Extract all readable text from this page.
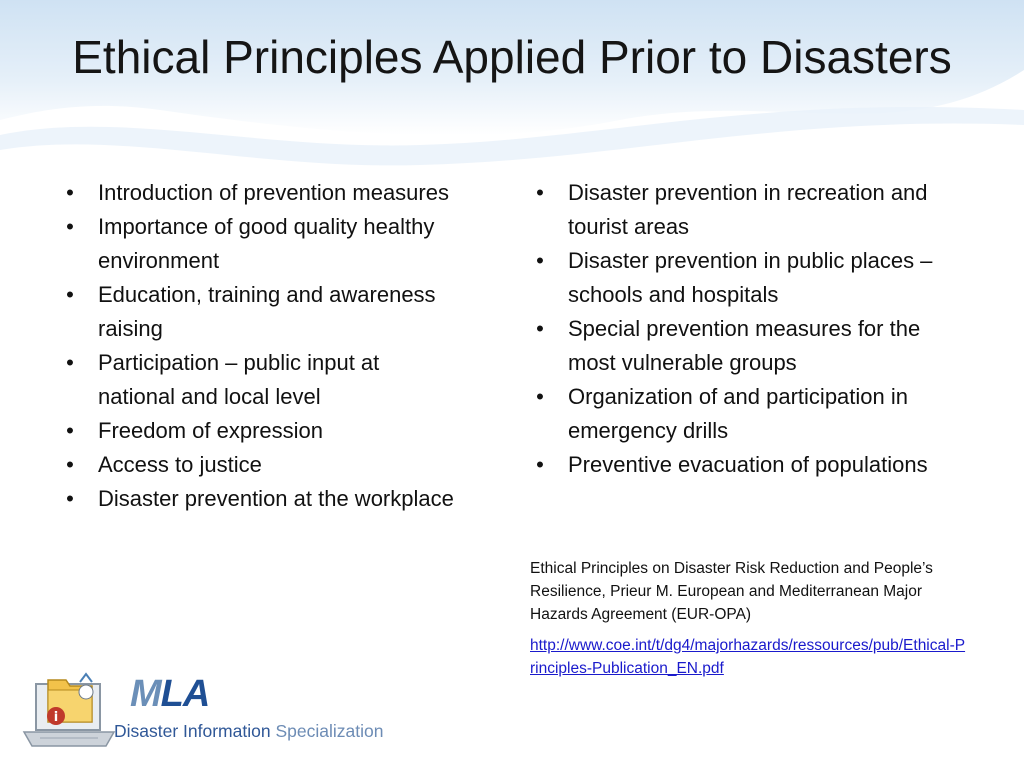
Ethical Principles Applied Prior to Disasters
• Introduction of prevention measures
• Importance of good quality healthy environment
• Education, training and awareness raising
• Participation – public input at national and local level
• Freedom of expression
• Access to justice
• Disaster prevention at the workplace
• Disaster prevention in recreation and tourist areas
• Disaster prevention in public places – schools and hospitals
• Special prevention measures for the most vulnerable groups
• Organization of and participation in emergency drills
• Preventive evacuation of populations

Ethical Principles on Disaster Risk Reduction and People’s Resilience, Prieur M. European and Mediterranean Major Hazards Agreement (EUR-OPA)

http://www.coe.int/t/dg4/majorhazards/ressources/pub/Ethical-Principles-Publication_EN.pdf
i
MLA
Disaster Information Specialization
